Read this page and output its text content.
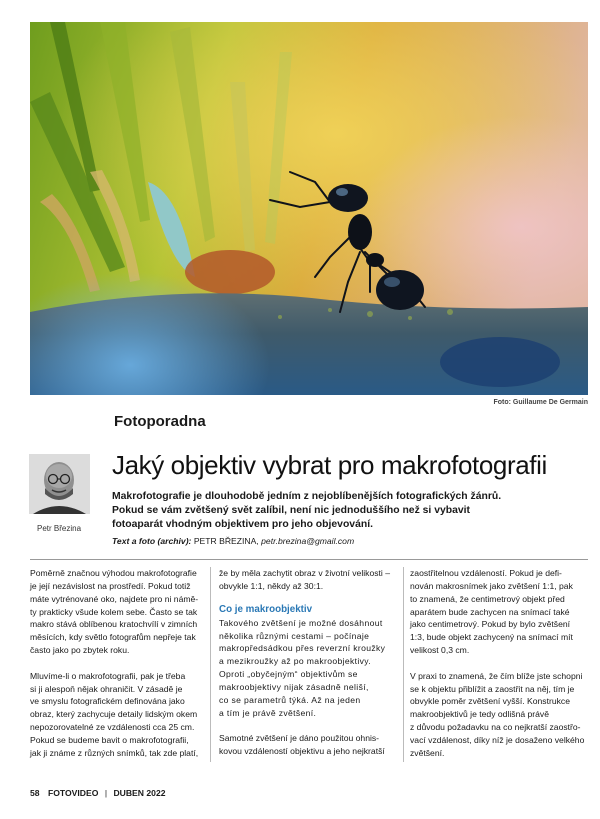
Foto: Guillaume De Germain
Fotoporadna
Petr Březina
Jaký objektiv vybrat pro makrofotografii

Makrofotografie je dlouhodobě jedním z nejoblíbenějších fotografických žánrů. Pokud se vám zvětšený svět zalíbil, není nic jednoduššího než si vybavit fotoaparát vhodným objektivem pro jeho objevování.

Text a foto (archiv): PETR BŘEZINA, petr.brezina@gmail.com
Poměrně značnou výhodou makrofotografie
je její nezávislost na prostředí. Pokud totiž
máte vytrénované oko, najdete pro ni námě-
ty prakticky všude kolem sebe. Často se tak
makro stává oblíbenou kratochvílí v zimních
měsících, kdy světlo fotografům nepřeje tak
často jako po zbytek roku.
Mluvíme-li o makrofotografii, pak je třeba
si ji alespoň nějak ohraničit. V zásadě je
ve smyslu fotografickém definována jako
obraz, který zachycuje detaily lidským okem
nepozorovatelné ze vzdálenosti cca 25 cm.
Pokud se budeme bavit o makrofotografii,
jak ji známe z různých snímků, tak zde platí,
že by měla zachytit obraz v životní velikosti –
obvykle 1:1, někdy až 30:1.
Co je makroobjektiv
Takového zvětšení je možné dosáhnout
několika různými cestami – počínaje
makropředsádkou přes reverzní kroužky
a mezikroužky až po makroobjektivy.
Oproti „obyčejným“ objektivům se
makroobjektivy nijak zásadně neliší,
co se parametrů týká. Až na jeden
a tím je právě zvětšení.
Samotné zvětšení je dáno použitou ohnis-
kovou vzdáleností objektivu a jeho nejkratší
zaostřitelnou vzdáleností. Pokud je defi-
nován makrosnímek jako zvětšení 1:1, pak
to znamená, že centimetrový objekt před
aparátem bude zachycen na snímací také
jako centimetrový. Pokud by bylo zvětšení
1:3, bude objekt zachycený na snímací mít
velikost 0,3 cm.
V praxi to znamená, že čím blíže jste schopni
se k objektu přiblížit a zaostřit na něj, tím je
obvykle poměr zvětšení vyšší. Konstrukce
makroobjektivů je tedy odlišná právě
z důvodu požadavku na co nejkratší zaostřo-
vací vzdálenost, díky níž je dosaženo velkého
zvětšení.
58 FOTOVIDEO | DUBEN 2022
